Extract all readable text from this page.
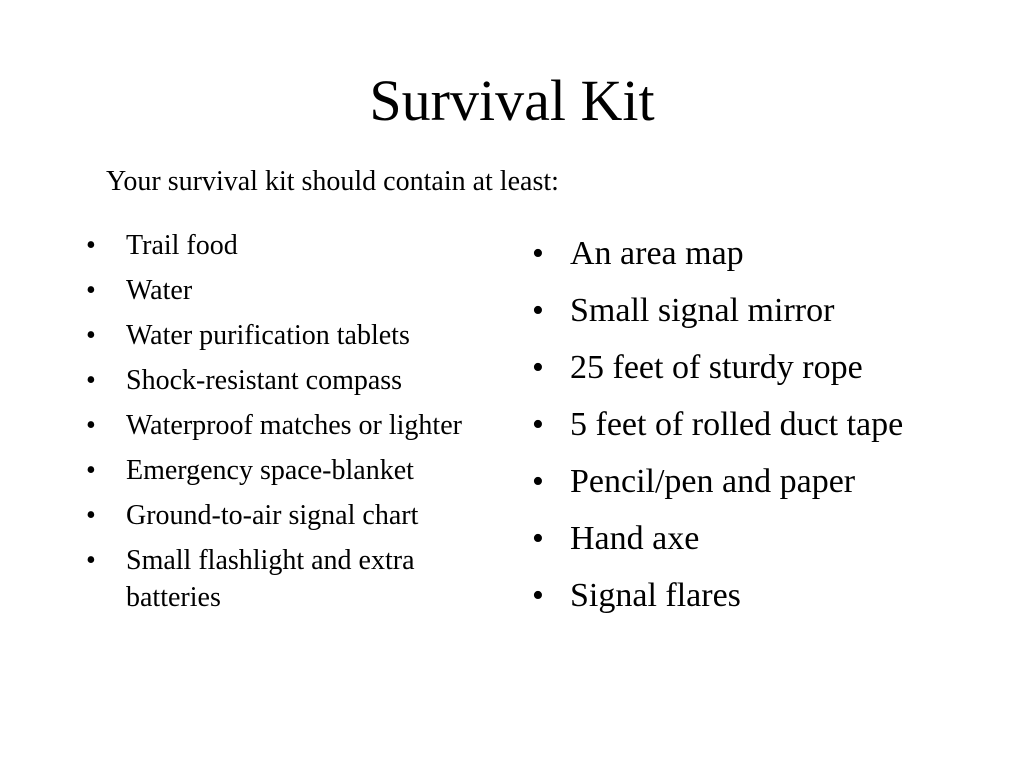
Survival Kit

Your survival kit should contain at least:

• Trail food
• Water
• Water purification tablets
• Shock-resistant compass
• Waterproof matches or lighter
• Emergency space-blanket
• Ground-to-air signal chart
• Small flashlight and extra batteries
• An area map
• Small signal mirror
• 25 feet of sturdy rope
• 5 feet of rolled duct tape
• Pencil/pen and paper
• Hand axe
• Signal flares
